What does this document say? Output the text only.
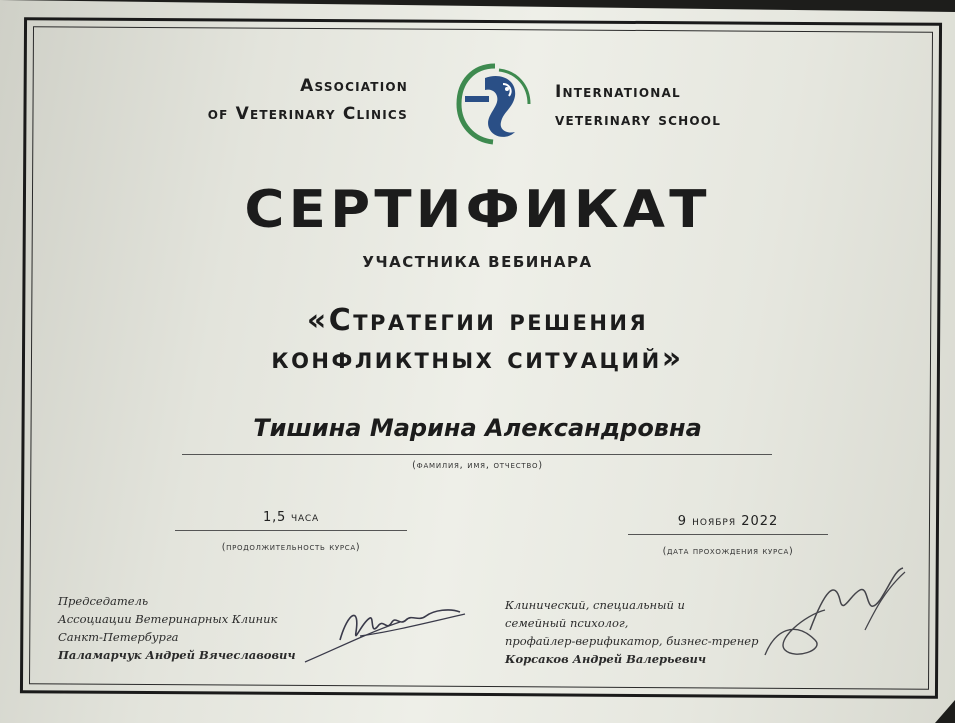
Association
of Veterinary Clinics
International
veterinary school
СЕРТИФИКАТ
УЧАСТНИКА ВЕБИНАРА
«Стратегии решения
конфликтных ситуаций»
Тишина Марина Александровна
(фамилия, имя, отчество)
1,5 часа
(продолжительность курса)
9 ноября 2022
(дата прохождения курса)
Председатель
Ассоциации Ветеринарных Клиник
Санкт-Петербурга
Паламарчук Андрей Вячеславович
Клинический, специальный и
семейный психолог,
профайлер-верификатор, бизнес-тренер
Корсаков Андрей Валерьевич
